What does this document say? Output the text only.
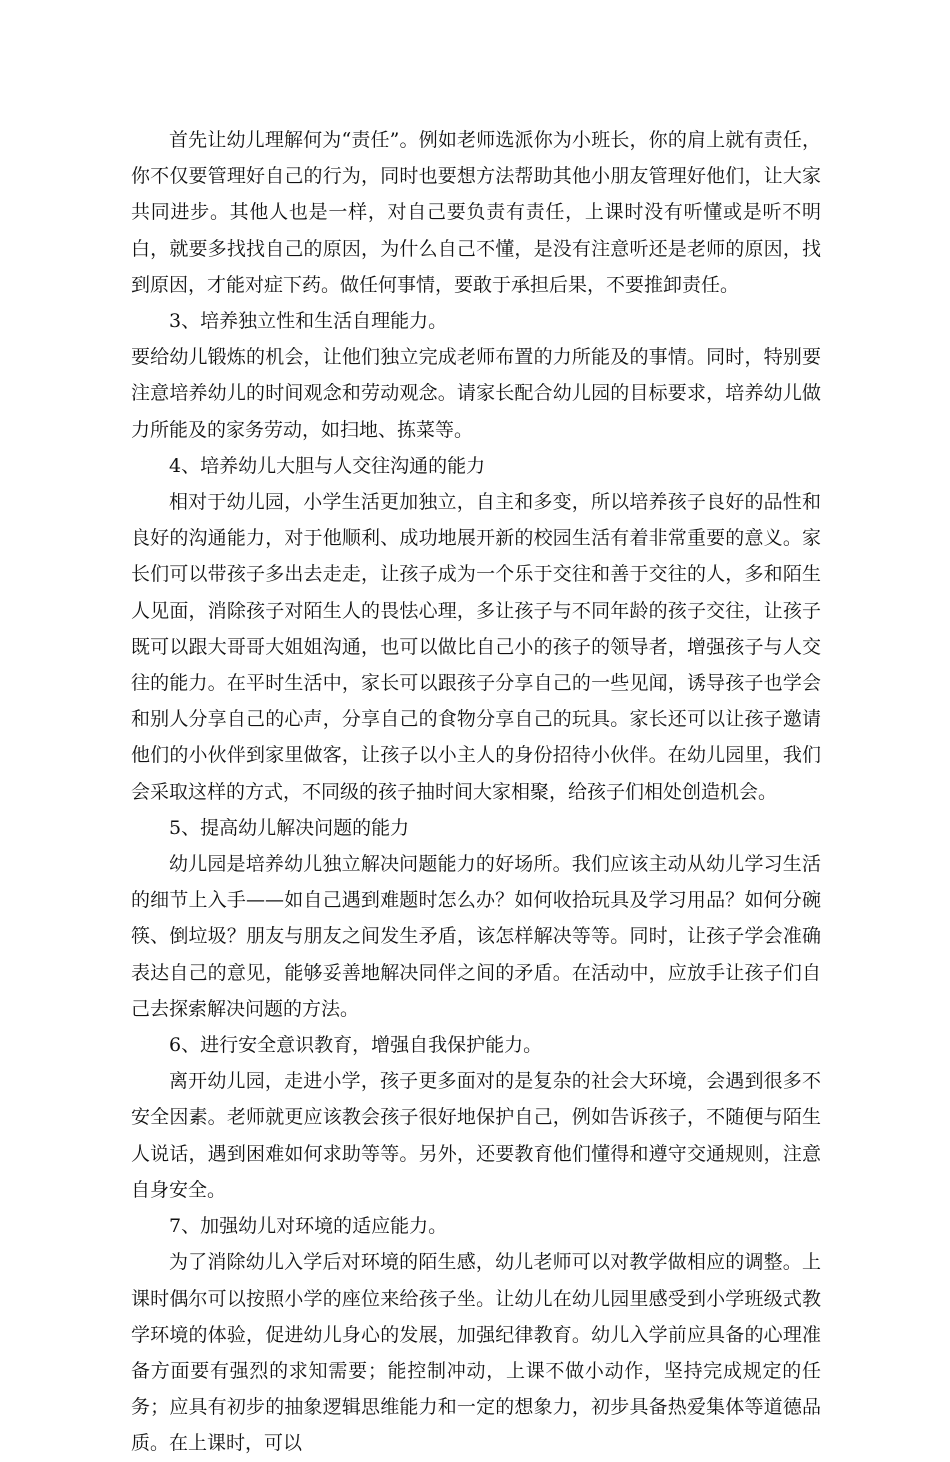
首先让幼儿理解何为“责任”。例如老师选派你为小班长，你的肩上就有责任，你不仅要管理好自己的行为，同时也要想方法帮助其他小朋友管理好他们，让大家共同进步。其他人也是一样，对自己要负责有责任，上课时没有听懂或是听不明白，就要多找找自己的原因，为什么自己不懂，是没有注意听还是老师的原因，找到原因，才能对症下药。做任何事情，要敢于承担后果，不要推卸责任。

3、培养独立性和生活自理能力。

要给幼儿锻炼的机会，让他们独立完成老师布置的力所能及的事情。同时，特别要注意培养幼儿的时间观念和劳动观念。请家长配合幼儿园的目标要求，培养幼儿做力所能及的家务劳动，如扫地、拣菜等。

4、培养幼儿大胆与人交往沟通的能力

相对于幼儿园，小学生活更加独立，自主和多变，所以培养孩子良好的品性和良好的沟通能力，对于他顺利、成功地展开新的校园生活有着非常重要的意义。家长们可以带孩子多出去走走，让孩子成为一个乐于交往和善于交往的人，多和陌生人见面，消除孩子对陌生人的畏怯心理，多让孩子与不同年龄的孩子交往，让孩子既可以跟大哥哥大姐姐沟通，也可以做比自己小的孩子的领导者，增强孩子与人交往的能力。在平时生活中，家长可以跟孩子分享自己的一些见闻，诱导孩子也学会和别人分享自己的心声，分享自己的食物分享自己的玩具。家长还可以让孩子邀请他们的小伙伴到家里做客，让孩子以小主人的身份招待小伙伴。在幼儿园里，我们会采取这样的方式，不同级的孩子抽时间大家相聚，给孩子们相处创造机会。

5、提高幼儿解决问题的能力

幼儿园是培养幼儿独立解决问题能力的好场所。我们应该主动从幼儿学习生活的细节上入手——如自己遇到难题时怎么办？如何收拾玩具及学习用品？如何分碗筷、倒垃圾？朋友与朋友之间发生矛盾，该怎样解决等等。同时，让孩子学会准确表达自己的意见，能够妥善地解决同伴之间的矛盾。在活动中，应放手让孩子们自己去探索解决问题的方法。

6、进行安全意识教育，增强自我保护能力。

离开幼儿园，走进小学，孩子更多面对的是复杂的社会大环境，会遇到很多不安全因素。老师就更应该教会孩子很好地保护自己，例如告诉孩子，不随便与陌生人说话，遇到困难如何求助等等。另外，还要教育他们懂得和遵守交通规则，注意自身安全。

7、加强幼儿对环境的适应能力。

为了消除幼儿入学后对环境的陌生感，幼儿老师可以对教学做相应的调整。上课时偶尔可以按照小学的座位来给孩子坐。让幼儿在幼儿园里感受到小学班级式教学环境的体验，促进幼儿身心的发展，加强纪律教育。幼儿入学前应具备的心理准备方面要有强烈的求知需要；能控制冲动，上课不做小动作，坚持完成规定的任务；应具有初步的抽象逻辑思维能力和一定的想象力，初步具备热爱集体等道德品质。在上课时，可以
